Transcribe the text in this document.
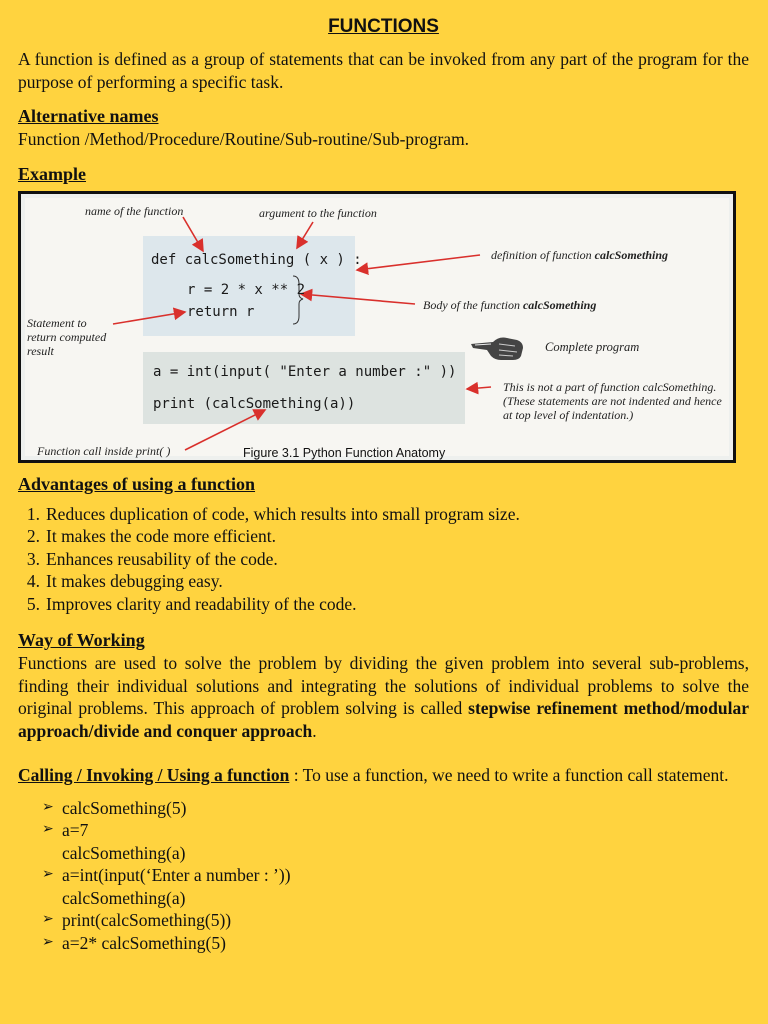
FUNCTIONS

A function is defined as a group of statements that can be invoked from any part of the program for the purpose of performing a specific task.

Alternative names

Function /Method/Procedure/Routine/Sub-routine/Sub-program.

Example
name of the function	argument to the function
def calcSomething ( x ) :
r = 2 * x ** 2
return r
definition of function calcSomething
Body of the function calcSomething
Statement to
return computed
result	Complete program
a = int(input( "Enter a number :" ))
print (calcSomething(a))
This is not a part of function calcSomething.
(These statements are not indented and hence
at top level of indentation.)
Function call inside print( )	Figure 3.1 Python Function Anatomy
Advantages of using a function
1. Reduces duplication of code, which results into small program size.
2. It makes the code more efficient.
3. Enhances reusability of the code.
4. It makes debugging easy.
5. Improves clarity and readability of the code.
Way of Working

Functions are used to solve the problem by dividing the given problem into several sub-problems, finding their individual solutions and integrating the solutions of individual problems to solve the original problems. This approach of problem solving is called stepwise refinement method/modular approach/divide and conquer approach.

Calling / Invoking / Using a function : To use a function, we need to write a function call statement.

➢ calcSomething(5)
➢ a=7
calcSomething(a)
➢ a=int(input(‘Enter a number : ’))
calcSomething(a)
➢ print(calcSomething(5))
➢ a=2* calcSomething(5)
